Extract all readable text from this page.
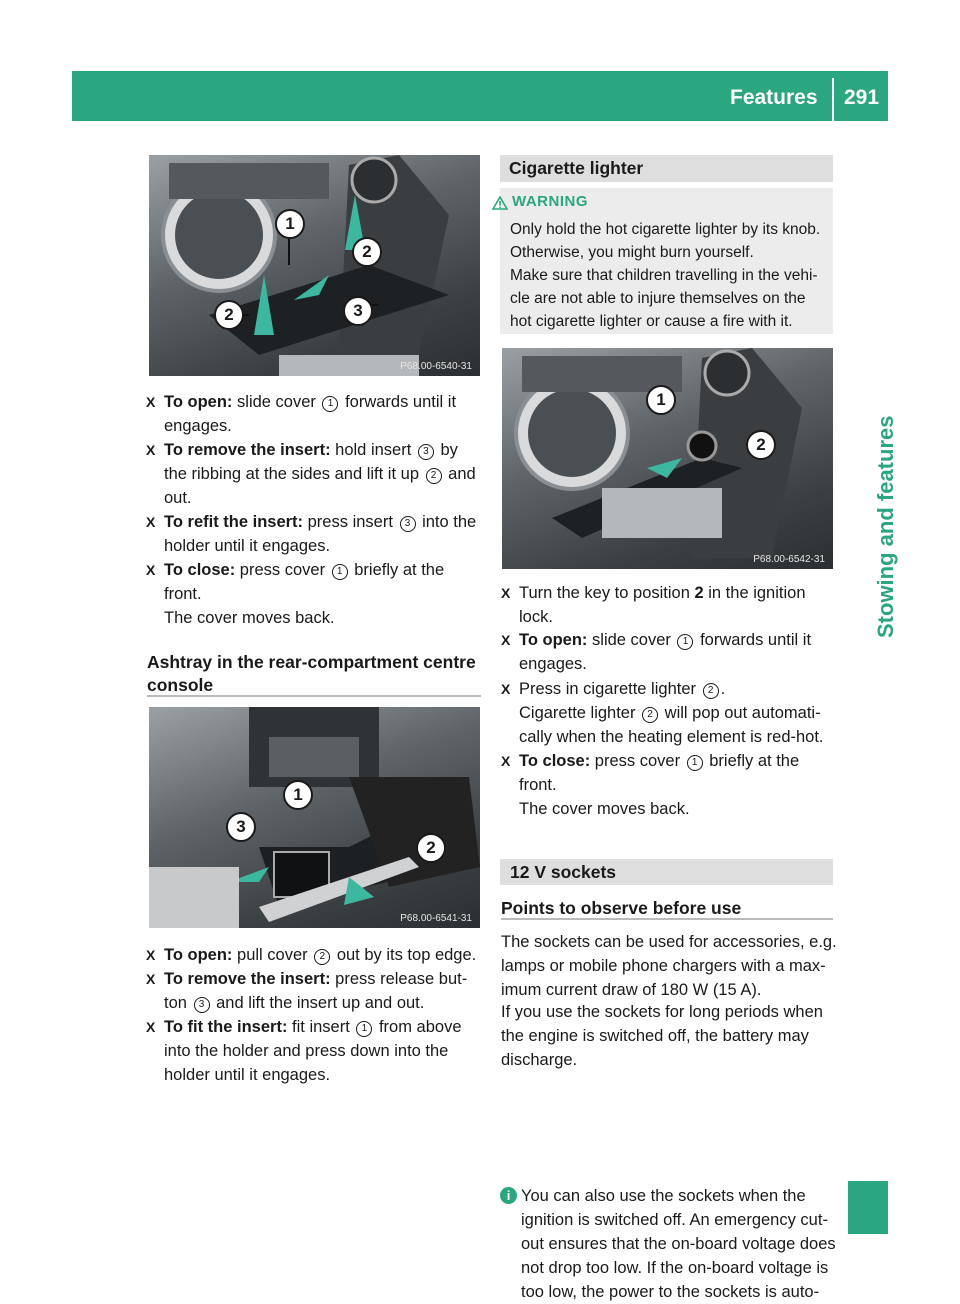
Features 291
Stowing and features
P68.00-6540-31
1
2
2	3
X To open: slide cover 1 forwards until it
engages.
X To remove the insert: hold insert 3 by
the ribbing at the sides and lift it up 2 and
out.
X To refit the insert: press insert 3 into the
holder until it engages.
X To close: press cover 1 briefly at the
front.
The cover moves back.
Ashtray in the rear-compartment centre
console
P68.00-6541-31
1
2
3
X To open: pull cover 2 out by its top edge.
X To remove the insert: press release but-
ton 3 and lift the insert up and out.
X To fit the insert: fit insert 1 from above
into the holder and press down into the
holder until it engages.
Cigarette lighter
WARNING
Only hold the hot cigarette lighter by its knob.
Otherwise, you might burn yourself.
Make sure that children travelling in the vehi-
cle are not able to injure themselves on the
hot cigarette lighter or cause a fire with it.
P68.00-6542-31
1
2
X Turn the key to position 2 in the ignition
lock.
X To open: slide cover 1 forwards until it
engages.
X Press in cigarette lighter 2 .
Cigarette lighter 2 will pop out automati-
cally when the heating element is red-hot.
X To close: press cover 1 briefly at the
front.
The cover moves back.
12 V sockets
Points to observe before use
The sockets can be used for accessories, e.g.
lamps or mobile phone chargers with a max-
imum current draw of 180 W (15 A).
If you use the sockets for long periods when
the engine is switched off, the battery may
discharge.
i You can also use the sockets when the
ignition is switched off. An emergency cut-
out ensures that the on-board voltage does
not drop too low. If the on-board voltage is
too low, the power to the sockets is auto-
